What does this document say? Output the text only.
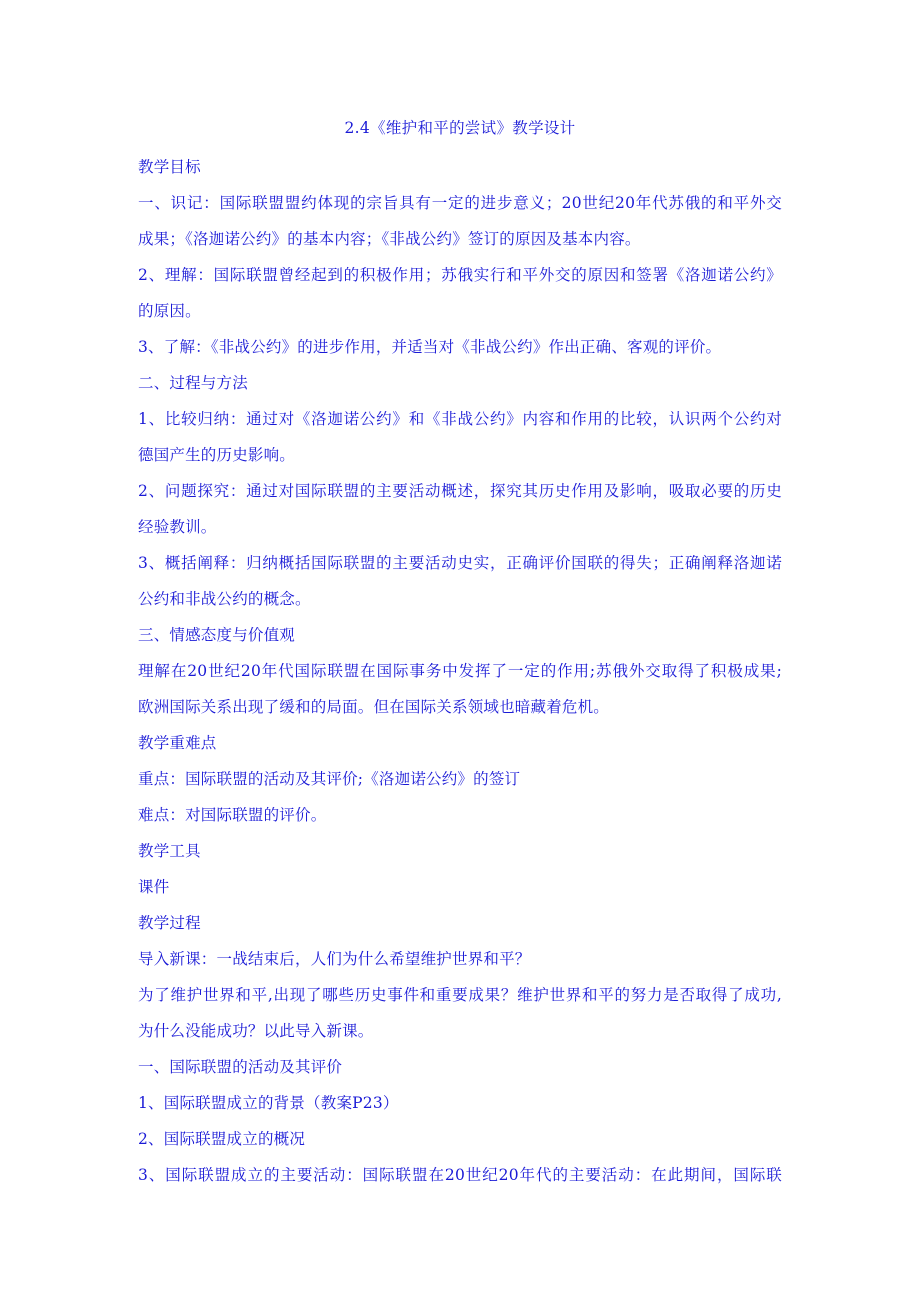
2.4《维护和平的尝试》教学设计
教学目标
一、识记：国际联盟盟约体现的宗旨具有一定的进步意义；20世纪20年代苏俄的和平外交
成果；《洛迦诺公约》的基本内容；《非战公约》签订的原因及基本内容。
2、理解：国际联盟曾经起到的积极作用；苏俄实行和平外交的原因和签署《洛迦诺公约》
的原因。
3、了解：《非战公约》的进步作用，并适当对《非战公约》作出正确、客观的评价。
二、过程与方法
1、比较归纳：通过对《洛迦诺公约》和《非战公约》内容和作用的比较，认识两个公约对
德国产生的历史影响。
2、问题探究：通过对国际联盟的主要活动概述，探究其历史作用及影响，吸取必要的历史
经验教训。
3、概括阐释：归纳概括国际联盟的主要活动史实，正确评价国联的得失；正确阐释洛迦诺
公约和非战公约的概念。
三、情感态度与价值观
理解在20世纪20年代国际联盟在国际事务中发挥了一定的作用;苏俄外交取得了积极成果;
欧洲国际关系出现了缓和的局面。但在国际关系领域也暗藏着危机。
教学重难点
重点：国际联盟的活动及其评价;《洛迦诺公约》的签订
难点：对国际联盟的评价。
教学工具
课件
教学过程
导入新课：一战结束后，人们为什么希望维护世界和平？
为了维护世界和平,出现了哪些历史事件和重要成果？维护世界和平的努力是否取得了成功,
为什么没能成功？以此导入新课。
一、国际联盟的活动及其评价
1、国际联盟成立的背景（教案P23）
2、国际联盟成立的概况
3、国际联盟成立的主要活动：国际联盟在20世纪20年代的主要活动：在此期间，国际联
